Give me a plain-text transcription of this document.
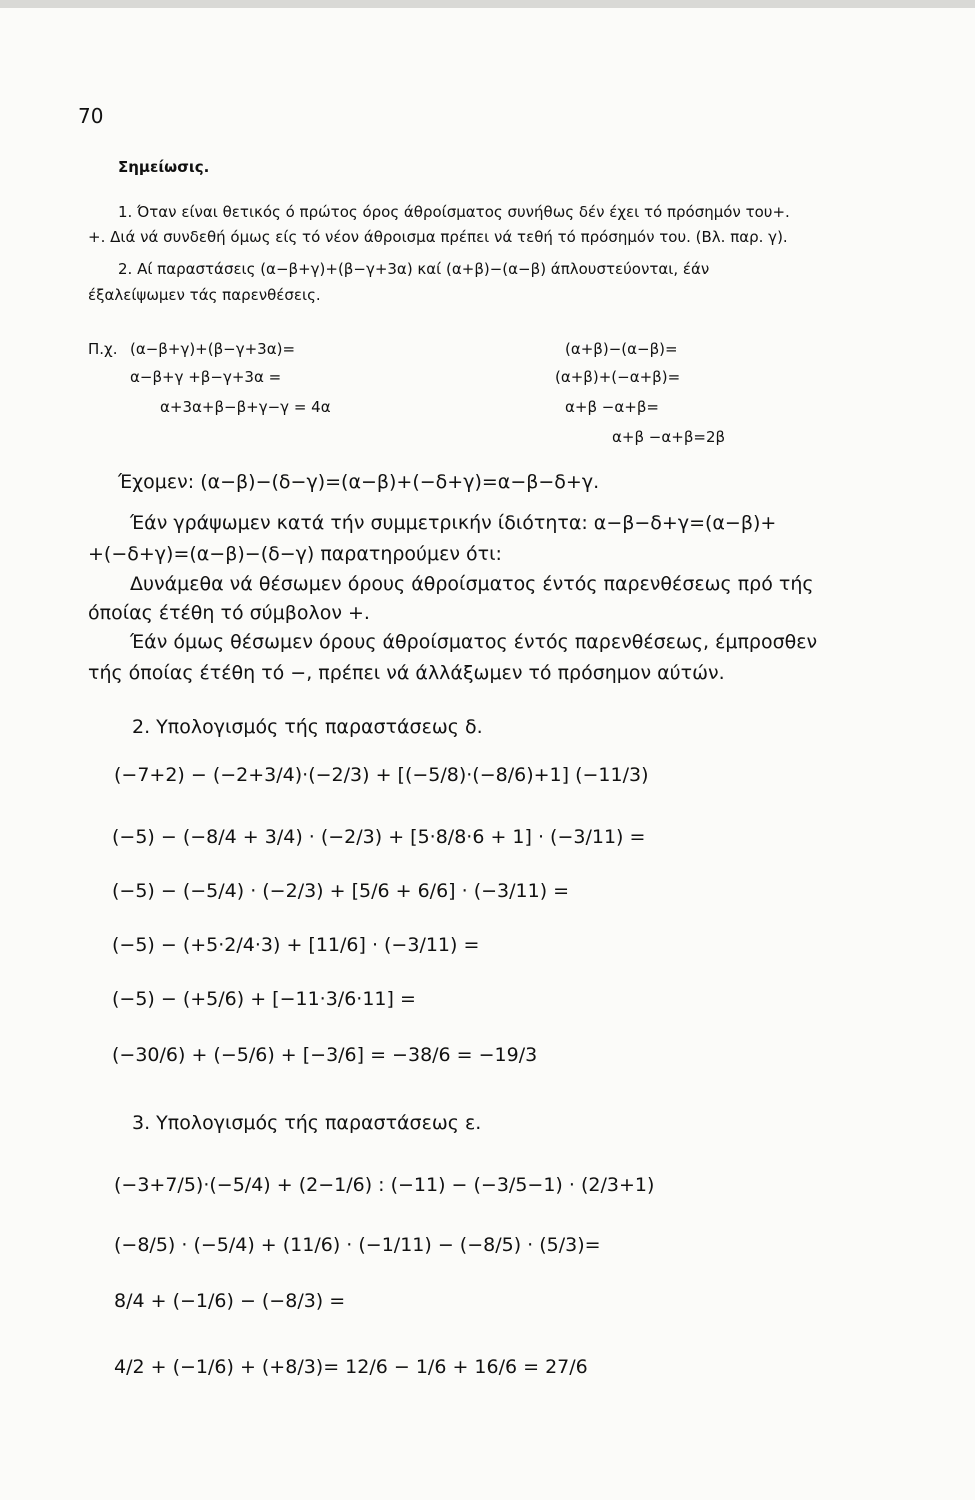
70
Σημείωσις.
1. Όταν είναι θετικός ό πρώτος όρος άθροίσματος συνήθως δέν έχει τό πρόσημόν του+.
+. Διά νά συνδεθή όμως είς τό νέον άθροισμα πρέπει νά τεθή τό πρόσημόν του. (Βλ. παρ. γ).
2. Αί παραστάσεις (α−β+γ)+(β−γ+3α) καί (α+β)−(α−β) άπλουστεύονται, έάν
έξαλείψωμεν τάς παρενθέσεις.
Π.χ. (α−β+γ)+(β−γ+3α)=
α−β+γ +β−γ+3α =
α+3α+β−β+γ−γ = 4α
(α+β)−(α−β)=
(α+β)+(−α+β)=
α+β −α+β=
α+β −α+β=2β
Έχομεν: (α−β)−(δ−γ)=(α−β)+(−δ+γ)=α−β−δ+γ.
Έάν γράψωμεν κατά τήν συμμετρικήν ίδιότητα: α−β−δ+γ=(α−β)+
+(−δ+γ)=(α−β)−(δ−γ) παρατηρούμεν ότι:
Δυνάμεθα νά θέσωμεν όρους άθροίσματος έντός παρενθέσεως πρό τής
όποίας έτέθη τό σύμβολον +.
Έάν όμως θέσωμεν όρους άθροίσματος έντός παρενθέσεως, έμπροσθεν
τής όποίας έτέθη τό −, πρέπει νά άλλάξωμεν τό πρόσημον αύτών.
2. Υπολογισμός τής παραστάσεως δ.
(−7+2) − (−2+3/4)·(−2/3) + [(−5/8)·(−8/6)+1] (−11/3)
(−5) − (−8/4 + 3/4) · (−2/3) + [5·8/8·6 + 1] · (−3/11) =
(−5) − (−5/4) · (−2/3) + [5/6 + 6/6] · (−3/11) =
(−5) − (+5·2/4·3) + [11/6] · (−3/11) =
(−5) − (+5/6) + [−11·3/6·11] =
(−30/6) + (−5/6) + [−3/6] = −38/6 = −19/3
3. Υπολογισμός τής παραστάσεως ε.
(−3+7/5)·(−5/4) + (2−1/6) : (−11) − (−3/5−1) · (2/3+1)
(−8/5) · (−5/4) + (11/6) · (−1/11) − (−8/5) · (5/3)=
8/4 + (−1/6) − (−8/3) =
4/2 + (−1/6) + (+8/3)= 12/6 − 1/6 + 16/6 = 27/6
